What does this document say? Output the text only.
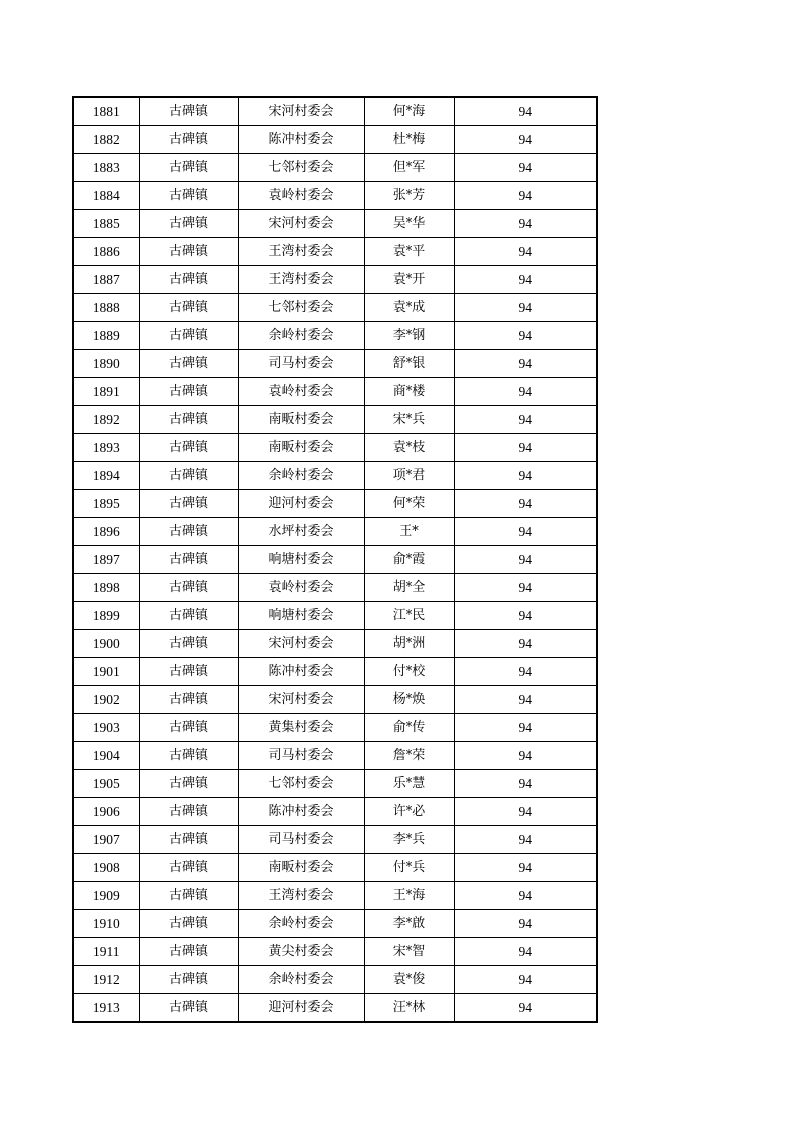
1881	古碑镇	宋河村委会	何*海	94
1882	古碑镇	陈冲村委会	杜*梅	94
1883	古碑镇	七邻村委会	但*军	94
1884	古碑镇	袁岭村委会	张*芳	94
1885	古碑镇	宋河村委会	吴*华	94
1886	古碑镇	王湾村委会	袁*平	94
1887	古碑镇	王湾村委会	袁*开	94
1888	古碑镇	七邻村委会	袁*成	94
1889	古碑镇	余岭村委会	李*钢	94
1890	古碑镇	司马村委会	舒*银	94
1891	古碑镇	袁岭村委会	商*楼	94
1892	古碑镇	南畈村委会	宋*兵	94
1893	古碑镇	南畈村委会	袁*枝	94
1894	古碑镇	余岭村委会	项*君	94
1895	古碑镇	迎河村委会	何*荣	94
1896	古碑镇	水坪村委会	王*	94
1897	古碑镇	响塘村委会	俞*霞	94
1898	古碑镇	袁岭村委会	胡*全	94
1899	古碑镇	响塘村委会	江*民	94
1900	古碑镇	宋河村委会	胡*洲	94
1901	古碑镇	陈冲村委会	付*校	94
1902	古碑镇	宋河村委会	杨*焕	94
1903	古碑镇	黄集村委会	俞*传	94
1904	古碑镇	司马村委会	詹*荣	94
1905	古碑镇	七邻村委会	乐*慧	94
1906	古碑镇	陈冲村委会	许*必	94
1907	古碑镇	司马村委会	李*兵	94
1908	古碑镇	南畈村委会	付*兵	94
1909	古碑镇	王湾村委会	王*海	94
1910	古碑镇	余岭村委会	李*啟	94
1911	古碑镇	黄尖村委会	宋*智	94
1912	古碑镇	余岭村委会	袁*俊	94
1913	古碑镇	迎河村委会	汪*林	94
